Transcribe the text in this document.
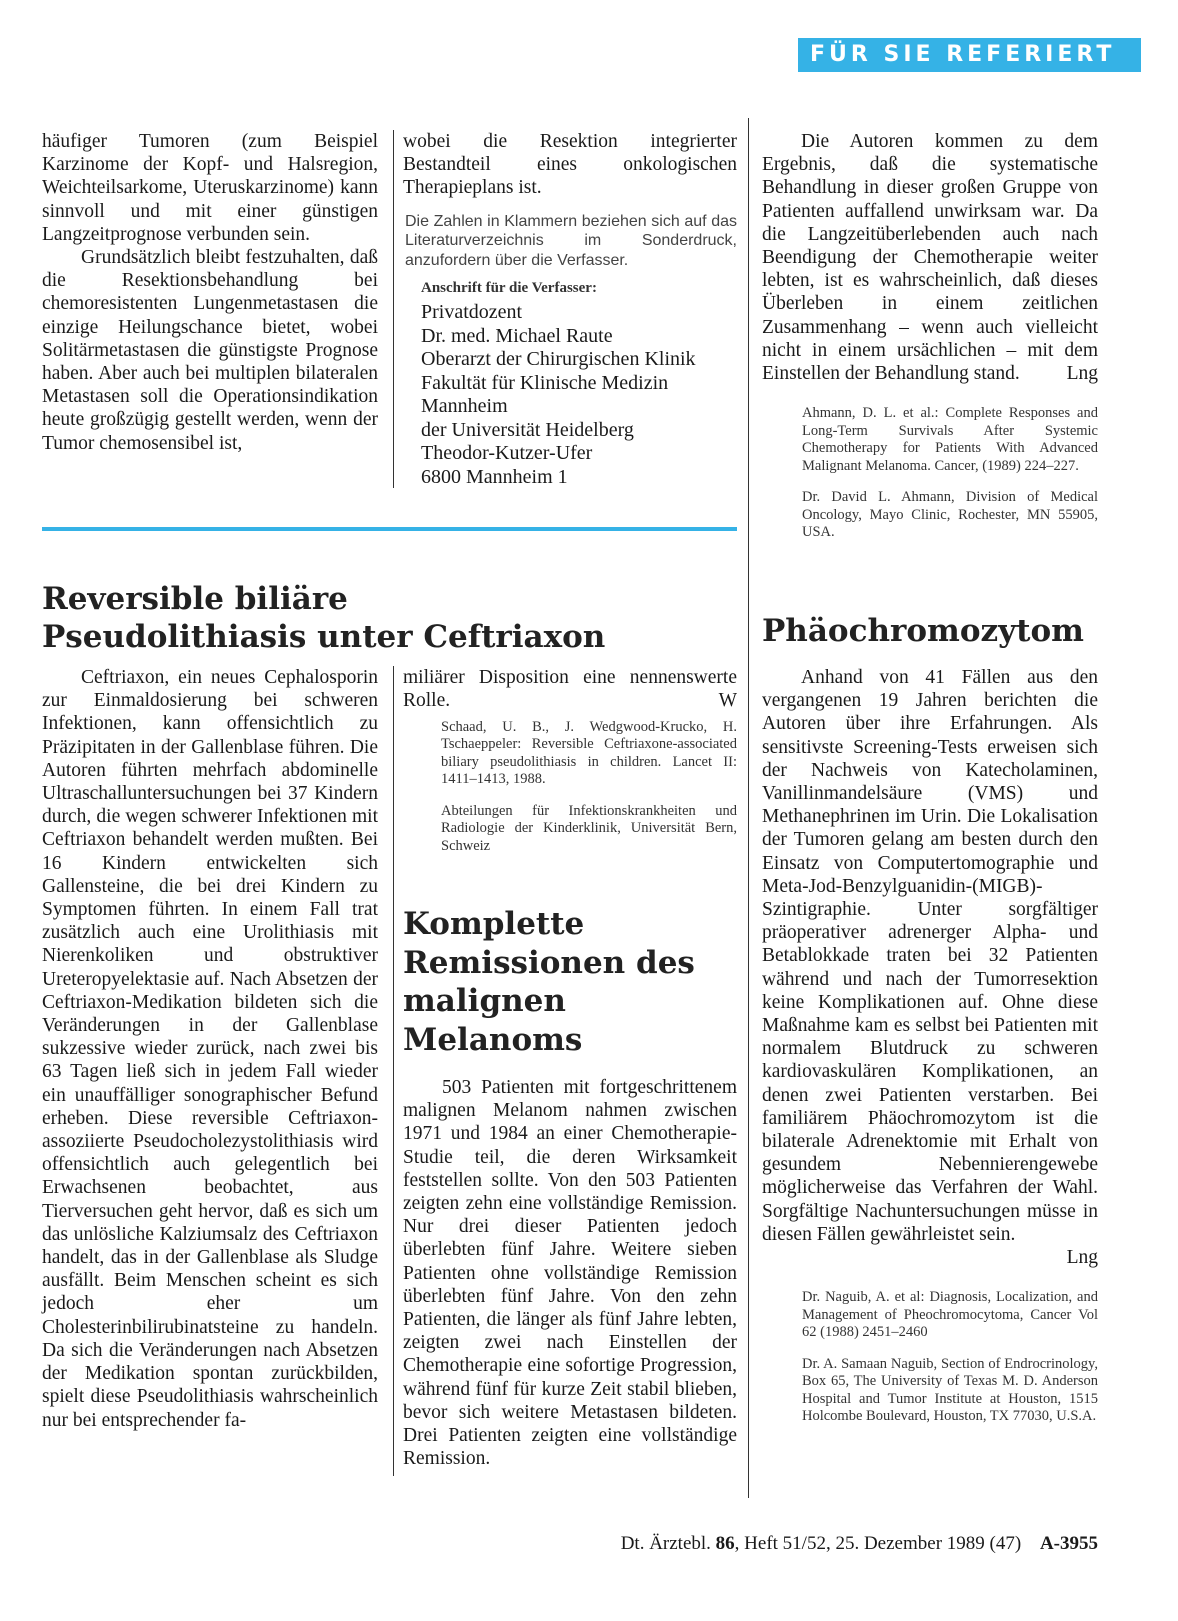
FÜR SIE REFERIERT

häufiger Tumoren (zum Beispiel Karzinome der Kopf- und Halsregion, Weichteilsarkome, Uteruskarzinome) kann sinnvoll und mit einer günstigen Langzeitprognose verbunden sein.

Grundsätzlich bleibt festzuhalten, daß die Resektionsbehandlung bei chemoresistenten Lungenmetastasen die einzige Heilungschance bietet, wobei Solitärmetastasen die günstigste Prognose haben. Aber auch bei multiplen bilateralen Metastasen soll die Operationsindikation heute großzügig gestellt werden, wenn der Tumor chemosensibel ist,

wobei die Resektion integrierter Bestandteil eines onkologischen Therapieplans ist.
Die Zahlen in Klammern beziehen sich auf das Literaturverzeichnis im Sonderdruck, anzufordern über die Verfasser.
Anschrift für die Verfasser:
Privatdozent
Dr. med. Michael Raute
Oberarzt der Chirurgischen Klinik
Fakultät für Klinische Medizin
Mannheim
der Universität Heidelberg
Theodor-Kutzer-Ufer
6800 Mannheim 1
Die Autoren kommen zu dem Ergebnis, daß die systematische Behandlung in dieser großen Gruppe von Patienten auffallend unwirksam war. Da die Langzeitüberlebenden auch nach Beendigung der Chemotherapie weiter lebten, ist es wahrscheinlich, daß dieses Überleben in einem zeitlichen Zusammenhang – wenn auch vielleicht nicht in einem ursächlichen – mit dem Einstellen der Behandlung stand.	Lng

Ahmann, D. L. et al.: Complete Responses and Long-Term Survivals After Systemic Chemotherapy for Patients With Advanced Malignant Melanoma. Cancer, (1989) 224–227.

Dr. David L. Ahmann, Division of Medical Oncology, Mayo Clinic, Rochester, MN 55905, USA.

Reversible biliäre
Pseudolithiasis unter Ceftriaxon

Ceftriaxon, ein neues Cephalosporin zur Einmaldosierung bei schweren Infektionen, kann offensichtlich zu Präzipitaten in der Gallenblase führen. Die Autoren führten mehrfach abdominelle Ultraschalluntersuchungen bei 37 Kindern durch, die wegen schwerer Infektionen mit Ceftriaxon behandelt werden mußten. Bei 16 Kindern entwickelten sich Gallensteine, die bei drei Kindern zu Symptomen führten. In einem Fall trat zusätzlich auch eine Urolithiasis mit Nierenkoliken und obstruktiver Ureteropyelektasie auf. Nach Absetzen der Ceftriaxon-Medikation bildeten sich die Veränderungen in der Gallenblase sukzessive wieder zurück, nach zwei bis 63 Tagen ließ sich in jedem Fall wieder ein unauffälliger sonographischer Befund erheben. Diese reversible Ceftriaxon-assoziierte Pseudocholezystolithiasis wird offensichtlich auch gelegentlich bei Erwachsenen beobachtet, aus Tierversuchen geht hervor, daß es sich um das unlösliche Kalziumsalz des Ceftriaxon handelt, das in der Gallenblase als Sludge ausfällt. Beim Menschen scheint es sich jedoch eher um Cholesterinbilirubinatsteine zu handeln. Da sich die Veränderungen nach Absetzen der Medikation spontan zurückbilden, spielt diese Pseudolithiasis wahrscheinlich nur bei entsprechender fa-

miliärer Disposition eine nennenswerte Rolle.	W

Schaad, U. B., J. Wedgwood-Krucko, H. Tschaeppeler: Reversible Ceftriaxone-associated biliary pseudolithiasis in children. Lancet II: 1411–1413, 1988.

Abteilungen für Infektionskrankheiten und Radiologie der Kinderklinik, Universität Bern, Schweiz

Komplette
Remissionen des
malignen
Melanoms

503 Patienten mit fortgeschrittenem malignen Melanom nahmen zwischen 1971 und 1984 an einer Chemotherapie-Studie teil, die deren Wirksamkeit feststellen sollte. Von den 503 Patienten zeigten zehn eine vollständige Remission. Nur drei dieser Patienten jedoch überlebten fünf Jahre. Weitere sieben Patienten ohne vollständige Remission überlebten fünf Jahre. Von den zehn Patienten, die länger als fünf Jahre lebten, zeigten zwei nach Einstellen der Chemotherapie eine sofortige Progression, während fünf für kurze Zeit stabil blieben, bevor sich weitere Metastasen bildeten. Drei Patienten zeigten eine vollständige Remission.

Phäochromozytom
Anhand von 41 Fällen aus den vergangenen 19 Jahren berichten die Autoren über ihre Erfahrungen. Als sensitivste Screening-Tests erweisen sich der Nachweis von Katecholaminen, Vanillinmandelsäure (VMS) und Methanephrinen im Urin. Die Lokalisation der Tumoren gelang am besten durch den Einsatz von Computertomographie und Meta-Jod-Benzylguanidin-(MIGB)-Szintigraphie. Unter sorgfältiger präoperativer adrenerger Alpha- und Betablokkade traten bei 32 Patienten während und nach der Tumorresektion keine Komplikationen auf. Ohne diese Maßnahme kam es selbst bei Patienten mit normalem Blutdruck zu schweren kardiovaskulären Komplikationen, an denen zwei Patienten verstarben. Bei familiärem Phäochromozytom ist die bilaterale Adrenektomie mit Erhalt von gesundem Nebennierengewebe möglicherweise das Verfahren der Wahl. Sorgfältige Nachuntersuchungen müsse in diesen Fällen gewährleistet sein.
Lng

Dr. Naguib, A. et al: Diagnosis, Localization, and Management of Pheochromocytoma, Cancer Vol 62 (1988) 2451–2460

Dr. A. Samaan Naguib, Section of Endrocrinology, Box 65, The University of Texas M. D. Anderson Hospital and Tumor Institute at Houston, 1515 Holcombe Boulevard, Houston, TX 77030, U.S.A.

Dt. Ärztebl. 86, Heft 51/52, 25. Dezember 1989 (47) A-3955
